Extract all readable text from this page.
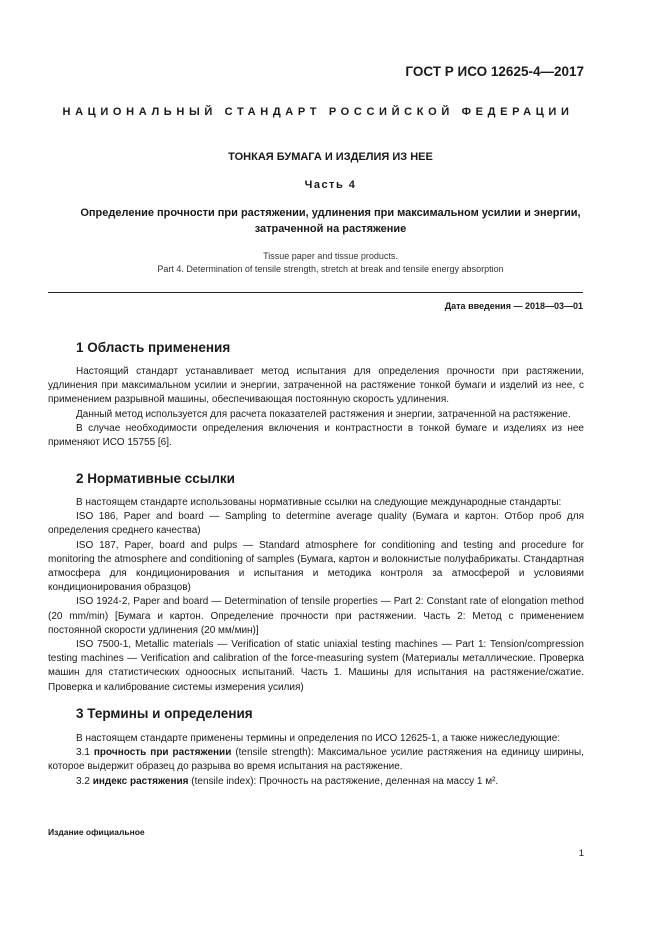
ГОСТ Р ИСО 12625-4—2017
НАЦИОНАЛЬНЫЙ СТАНДАРТ РОССИЙСКОЙ ФЕДЕРАЦИИ
ТОНКАЯ БУМАГА И ИЗДЕЛИЯ ИЗ НЕЕ
Часть 4
Определение прочности при растяжении, удлинения при максимальном усилии и энергии,
затраченной на растяжение
Tissue paper and tissue products.
Part 4. Determination of tensile strength, stretch at break and tensile energy absorption
Дата введения — 2018—03—01
1 Область применения

Настоящий стандарт устанавливает метод испытания для определения прочности при растяжении, удлинения при максимальном усилии и энергии, затраченной на растяжение тонкой бумаги и изделий из нее, с применением разрывной машины, обеспечивающая постоянную скорость удлинения.

Данный метод используется для расчета показателей растяжения и энергии, затраченной на растяжение.

В случае необходимости определения включения и контрастности в тонкой бумаге и изделиях из нее применяют ИСО 15755 [6].

2 Нормативные ссылки

В настоящем стандарте использованы нормативные ссылки на следующие международные стандарты:

ISO 186, Paper and board — Sampling to determine average quality (Бумага и картон. Отбор проб для определения среднего качества)

ISO 187, Paper, board and pulps — Standard atmosphere for conditioning and testing and procedure for monitoring the atmosphere and conditioning of samples (Бумага, картон и волокнистые полуфабрикаты. Стандартная атмосфера для кондиционирования и испытания и методика контроля за атмосферой и условиями кондиционирования образцов)

ISO 1924-2, Paper and board — Determination of tensile properties — Part 2: Constant rate of elongation method (20 mm/min) [Бумага и картон. Определение прочности при растяжении. Часть 2: Метод с применением постоянной скорости удлинения (20 мм/мин)]

ISO 7500-1, Metallic materials — Verification of static uniaxial testing machines — Part 1: Tension/compression testing machines — Verification and calibration of the force-measuring system (Материалы металлические. Проверка машин для статистических одноосных испытаний. Часть 1. Машины для испытания на растяжение/сжатие. Проверка и калибрование системы измерения усилия)

3 Термины и определения

В настоящем стандарте применены термины и определения по ИСО 12625-1, а также нижеследующие:

3.1 прочность при растяжении (tensile strength): Максимальное усилие растяжения на единицу ширины, которое выдержит образец до разрыва во время испытания на растяжение.

3.2 индекс растяжения (tensile index): Прочность на растяжение, деленная на массу 1 м².

Издание официальное
1
